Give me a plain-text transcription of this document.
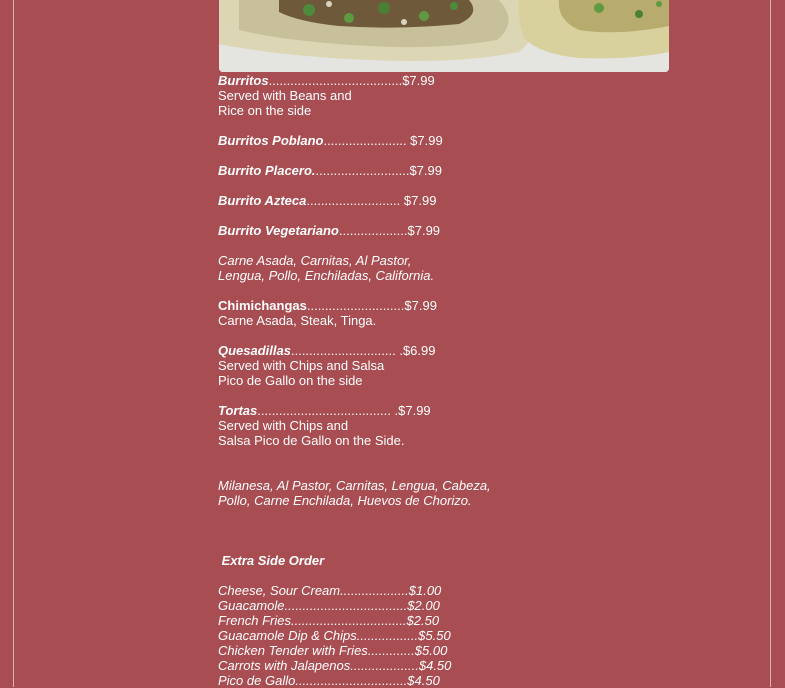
Burritos.....................................$7.99

Served with Beans and

Rice on the side

Burritos Poblano....................... $7.99

Burrito Placero...........................$7.99

Burrito Azteca.......................... $7.99

Burrito Vegetariano...................$7.99

Carne Asada, Carnitas, Al Pastor,

Lengua, Pollo, Enchiladas, California.

Chimichangas...........................$7.99

Carne Asada, Steak, Tinga.

Quesadillas............................. .$6.99

Served with Chips and Salsa

Pico de Gallo on the side

Tortas..................................... .$7.99

Served with Chips and

Salsa Pico de Gallo on the Side.

Milanesa, Al Pastor, Carnitas, Lengua, Cabeza,

Pollo, Carne Enchilada, Huevos de Chorizo.

Extra Side Order

Cheese, Sour Cream...................$1.00

Guacamole..................................$2.00

French Fries................................$2.50

Guacamole Dip & Chips.................$5.50

Chicken Tender with Fries.............$5.00

Carrots with Jalapenos...................$4.50

Pico de Gallo...............................$4.50
